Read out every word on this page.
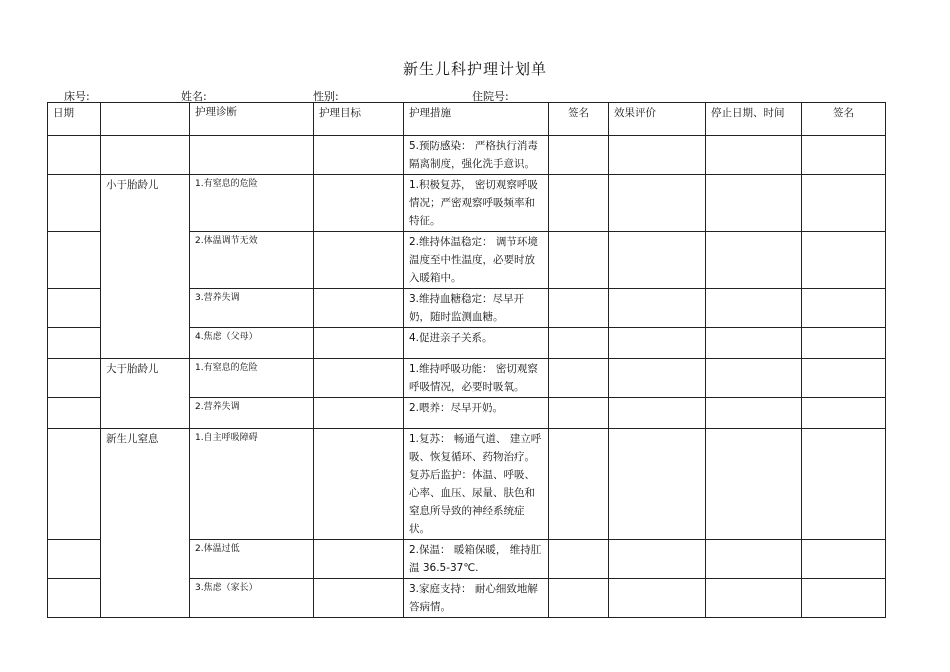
新生儿科护理计划单
床号:	姓名:	性别:	住院号:
日期		护理诊断	护理目标	护理措施	签名	效果评价	停止日期、时间	签名
				5.预防感染： 严格执行消毒隔离制度，强化洗手意识。				
	小于胎龄儿	1.有窒息的危险		1.积极复苏， 密切观察呼吸情况；严密观察呼吸频率和特征。				
		2.体温调节无效		2.维持体温稳定： 调节环境温度至中性温度，必要时放入暖箱中。				
		3.营养失调		3.维持血糖稳定：尽早开奶，随时监测血糖。				
		4.焦虑（父母）		4.促进亲子关系。				
	大于胎龄儿	1.有窒息的危险		1.维持呼吸功能： 密切观察呼吸情况，必要时吸氧。				
		2.营养失调		2.喂养：尽早开奶。				
	新生儿窒息	1.自主呼吸障碍		1.复苏： 畅通气道、 建立呼吸、恢复循环、药物治疗。复苏后监护：体温、呼吸、心率、血压、尿量、肤色和窒息所导致的神经系统症状。				
		2.体温过低		2.保温： 暖箱保暖， 维持肛温 36.5-37℃.				
		3.焦虑（家长）		3.家庭支持： 耐心细致地解答病情。				
